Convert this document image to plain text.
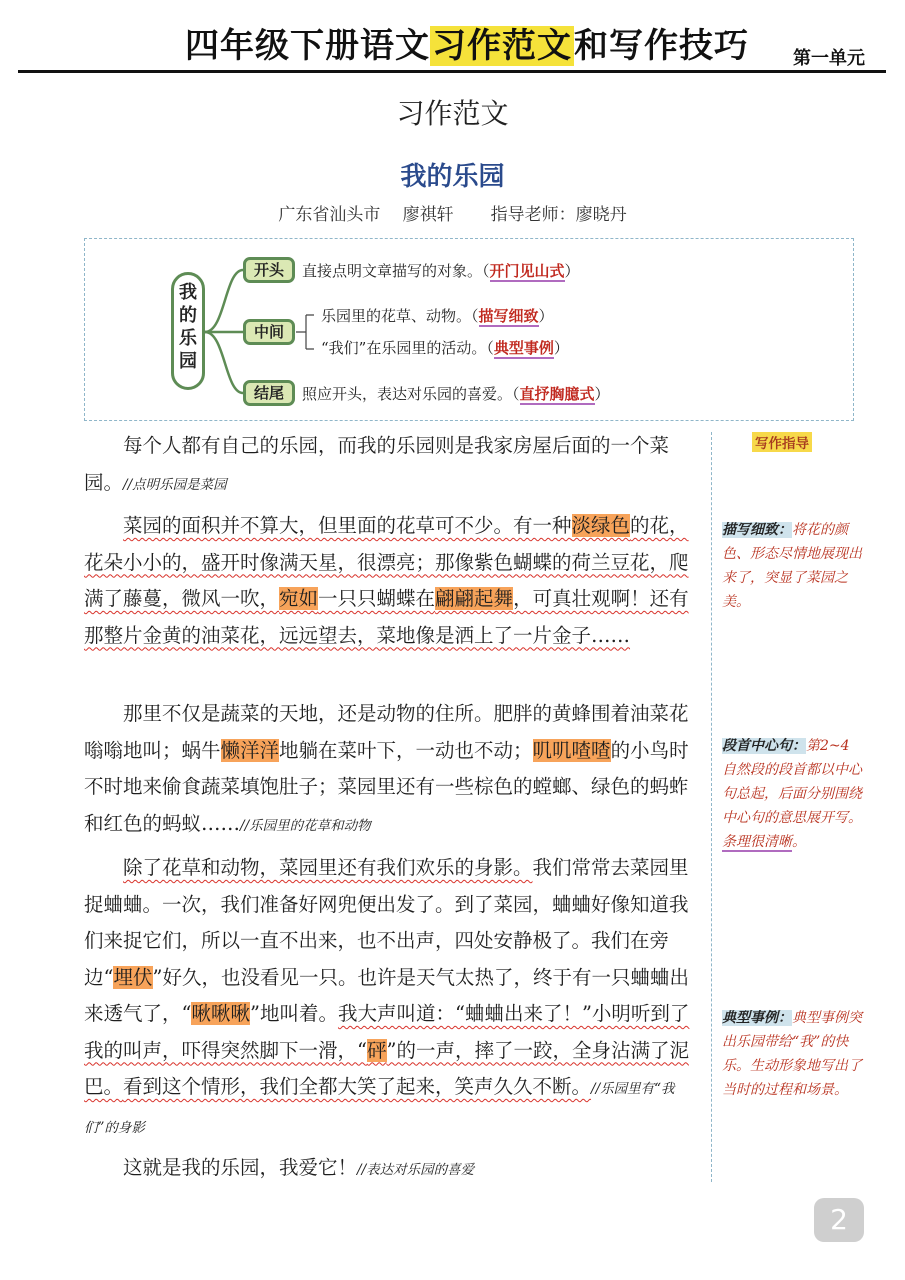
四年级下册语文习作范文和写作技巧 第一单元
习作范文
我的乐园
广东省汕头市   廖祺轩     指导老师：廖晓丹
我的乐园
开头
中间
结尾
直接点明文章描写的对象。（开门见山式）
乐园里的花草、动物。（描写细致）
“我们”在乐园里的活动。（典型事例）
照应开头，表达对乐园的喜爱。（直抒胸臆式）
每个人都有自己的乐园，而我的乐园则是我家房屋后面的一个菜园。//点明乐园是菜园
菜园的面积并不算大，但里面的花草可不少。有一种淡绿色的花，花朵小小的，盛开时像满天星，很漂亮；那像紫色蝴蝶的荷兰豆花，爬满了藤蔓，微风一吹，宛如一只只蝴蝶在翩翩起舞，可真壮观啊！还有那整片金黄的油菜花，远远望去，菜地像是洒上了一片金子……
那里不仅是蔬菜的天地，还是动物的住所。肥胖的黄蜂围着油菜花嗡嗡地叫；蜗牛懒洋洋地躺在菜叶下，一动也不动；叽叽喳喳的小鸟时不时地来偷食蔬菜填饱肚子；菜园里还有一些棕色的螳螂、绿色的蚂蚱和红色的蚂蚁……//乐园里的花草和动物
除了花草和动物，菜园里还有我们欢乐的身影。我们常常去菜园里捉蛐蛐。一次，我们准备好网兜便出发了。到了菜园，蛐蛐好像知道我们来捉它们，所以一直不出来，也不出声，四处安静极了。我们在旁边“埋伏”好久，也没看见一只。也许是天气太热了，终于有一只蛐蛐出来透气了，“啾啾啾”地叫着。我大声叫道：“蛐蛐出来了！”小明听到了我的叫声，吓得突然脚下一滑，“砰”的一声，摔了一跤，全身沾满了泥巴。看到这个情形，我们全都大笑了起来，笑声久久不断。//乐园里有“我们”的身影
这就是我的乐园，我爱它！//表达对乐园的喜爱
写作指导
描写细致：将花的颜色、形态尽情地展现出来了，突显了菜园之美。
段首中心句：第2~4自然段的段首都以中心句总起，后面分别围绕中心句的意思展开写。条理很清晰。
典型事例：典型事例突出乐园带给“我”的快乐。生动形象地写出了当时的过程和场景。
2
